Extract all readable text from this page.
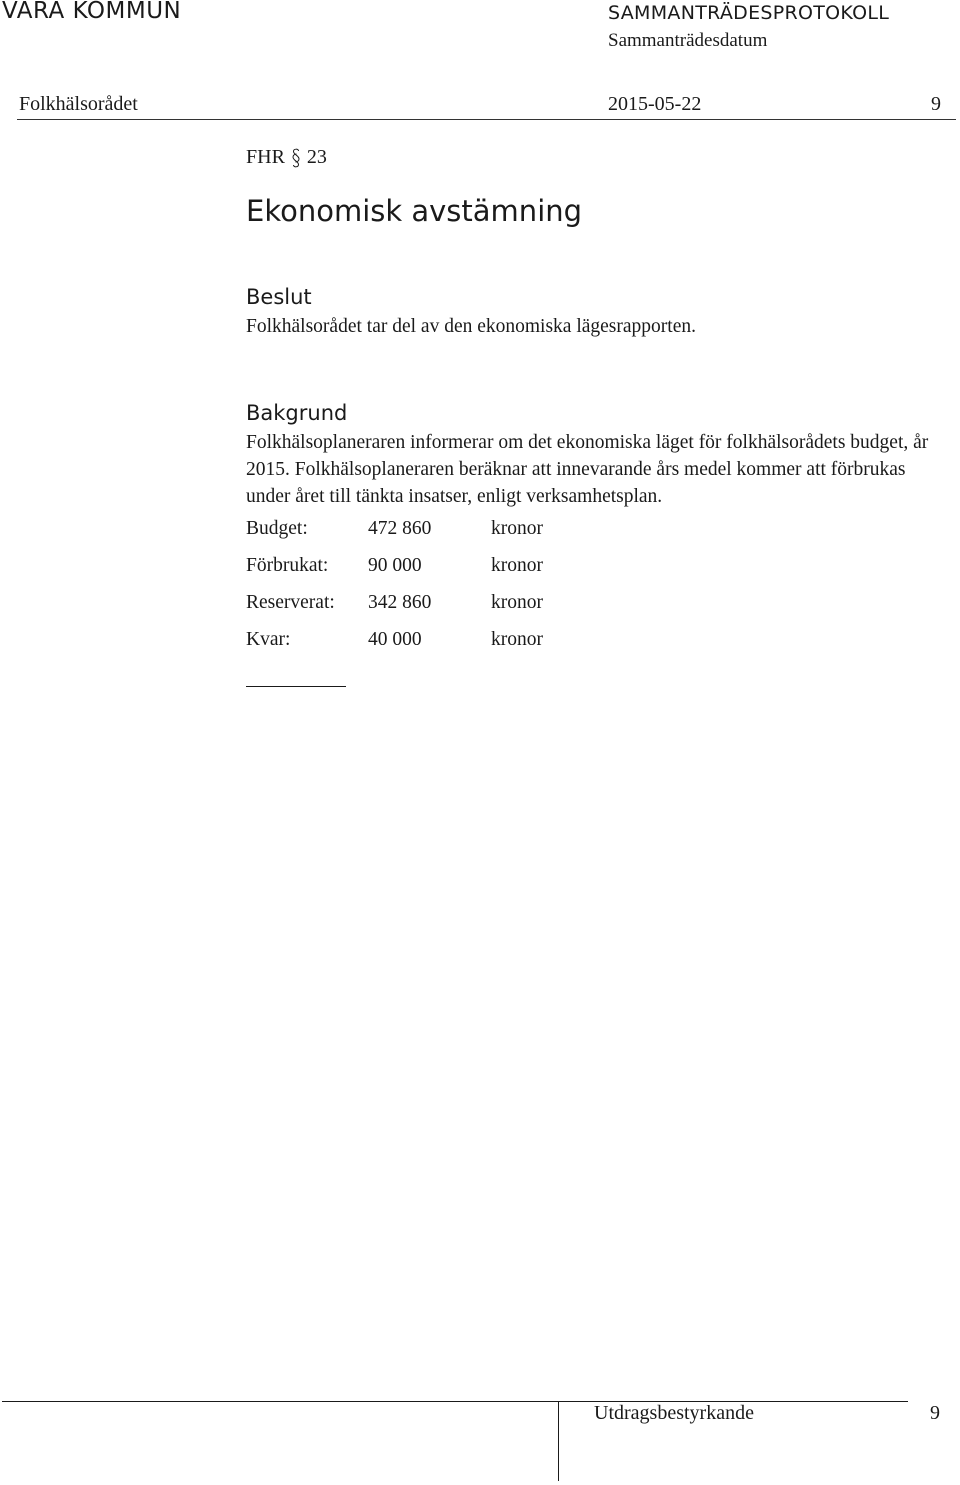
VARA KOMMUN	SAMMANTRÄDESPROTOKOLL
Sammanträdesdatum
Folkhälsorådet	2015-05-22	9
FHR 23
Ekonomisk avstämning
Beslut
Folkhälsorådet tar del av den ekonomiska lägesrapporten.
Bakgrund
Folkhälsoplaneraren informerar om det ekonomiska läget för folkhälsorådets budget, år 2015. Folkhälsoplaneraren beräknar att innevarande års medel kommer att förbrukas under året till tänkta insatser, enligt verksamhetsplan.
Budget:	472 860	kronor
Förbrukat: 90 000	kronor
Reserverat: 342 860	kronor
Kvar:	40 000	kronor
Utdragsbestyrkande	9
